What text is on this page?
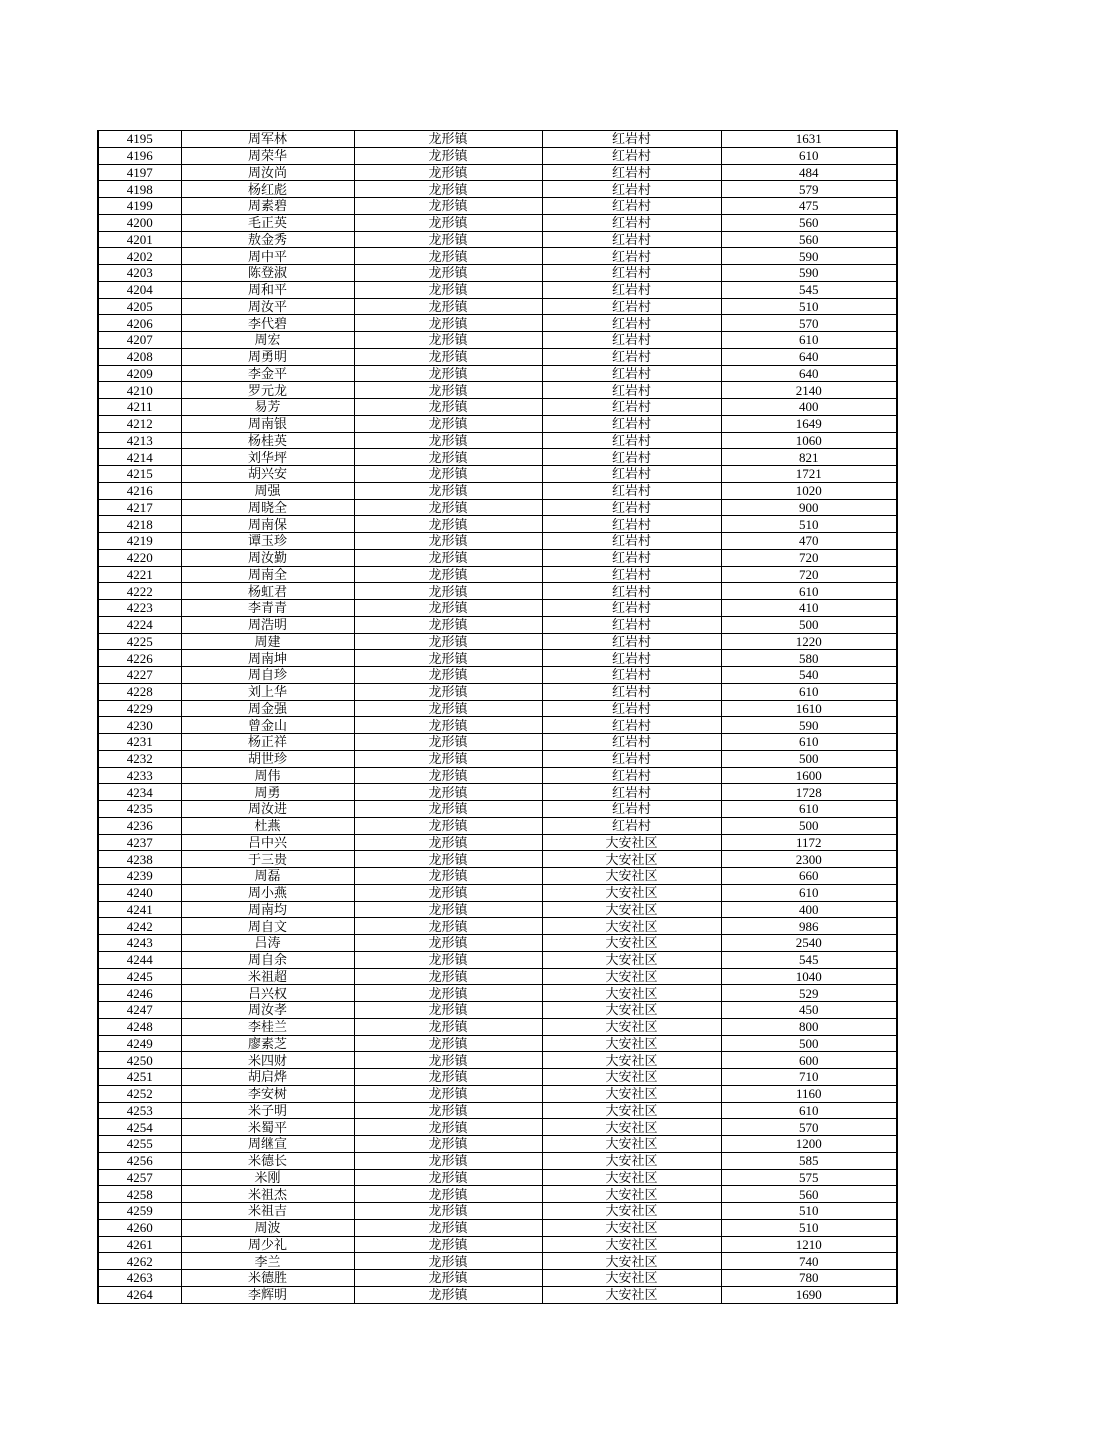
4195	周军林	龙形镇	红岩村	1631
4196	周荣华	龙形镇	红岩村	610
4197	周汝尚	龙形镇	红岩村	484
4198	杨红彪	龙形镇	红岩村	579
4199	周素碧	龙形镇	红岩村	475
4200	毛正英	龙形镇	红岩村	560
4201	敖金秀	龙形镇	红岩村	560
4202	周中平	龙形镇	红岩村	590
4203	陈登淑	龙形镇	红岩村	590
4204	周和平	龙形镇	红岩村	545
4205	周汝平	龙形镇	红岩村	510
4206	李代碧	龙形镇	红岩村	570
4207	周宏	龙形镇	红岩村	610
4208	周勇明	龙形镇	红岩村	640
4209	李金平	龙形镇	红岩村	640
4210	罗元龙	龙形镇	红岩村	2140
4211	易芳	龙形镇	红岩村	400
4212	周南银	龙形镇	红岩村	1649
4213	杨桂英	龙形镇	红岩村	1060
4214	刘华坪	龙形镇	红岩村	821
4215	胡兴安	龙形镇	红岩村	1721
4216	周强	龙形镇	红岩村	1020
4217	周晓全	龙形镇	红岩村	900
4218	周南保	龙形镇	红岩村	510
4219	谭玉珍	龙形镇	红岩村	470
4220	周汝勤	龙形镇	红岩村	720
4221	周南全	龙形镇	红岩村	720
4222	杨虹君	龙形镇	红岩村	610
4223	李青青	龙形镇	红岩村	410
4224	周浩明	龙形镇	红岩村	500
4225	周建	龙形镇	红岩村	1220
4226	周南坤	龙形镇	红岩村	580
4227	周自珍	龙形镇	红岩村	540
4228	刘上华	龙形镇	红岩村	610
4229	周金强	龙形镇	红岩村	1610
4230	曾金山	龙形镇	红岩村	590
4231	杨正祥	龙形镇	红岩村	610
4232	胡世珍	龙形镇	红岩村	500
4233	周伟	龙形镇	红岩村	1600
4234	周勇	龙形镇	红岩村	1728
4235	周汝进	龙形镇	红岩村	610
4236	杜燕	龙形镇	红岩村	500
4237	吕中兴	龙形镇	大安社区	1172
4238	于三贵	龙形镇	大安社区	2300
4239	周磊	龙形镇	大安社区	660
4240	周小燕	龙形镇	大安社区	610
4241	周南均	龙形镇	大安社区	400
4242	周自文	龙形镇	大安社区	986
4243	吕涛	龙形镇	大安社区	2540
4244	周自余	龙形镇	大安社区	545
4245	米祖超	龙形镇	大安社区	1040
4246	吕兴权	龙形镇	大安社区	529
4247	周汝孝	龙形镇	大安社区	450
4248	李桂兰	龙形镇	大安社区	800
4249	廖素芝	龙形镇	大安社区	500
4250	米四财	龙形镇	大安社区	600
4251	胡启烨	龙形镇	大安社区	710
4252	李安树	龙形镇	大安社区	1160
4253	米子明	龙形镇	大安社区	610
4254	米蜀平	龙形镇	大安社区	570
4255	周继宣	龙形镇	大安社区	1200
4256	米德长	龙形镇	大安社区	585
4257	米刚	龙形镇	大安社区	575
4258	米祖杰	龙形镇	大安社区	560
4259	米祖吉	龙形镇	大安社区	510
4260	周波	龙形镇	大安社区	510
4261	周少礼	龙形镇	大安社区	1210
4262	李兰	龙形镇	大安社区	740
4263	米德胜	龙形镇	大安社区	780
4264	李辉明	龙形镇	大安社区	1690
